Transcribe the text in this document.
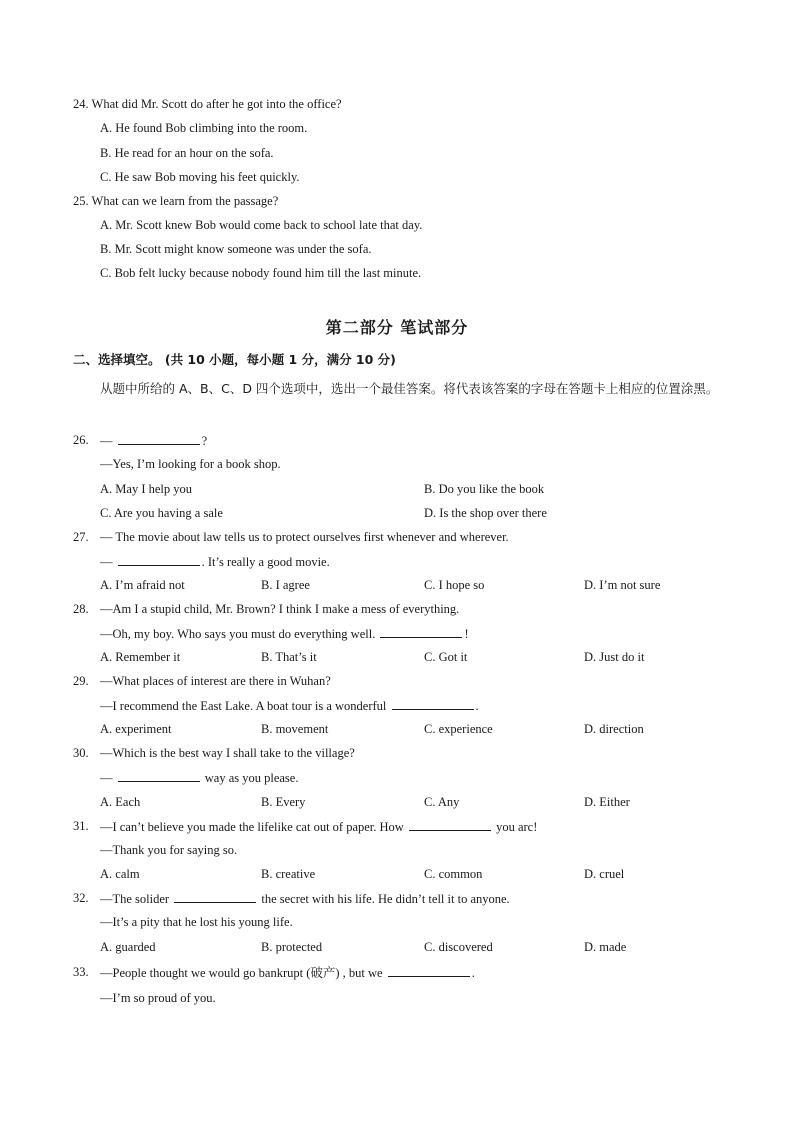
24. What did Mr. Scott do after he got into the office?
A. He found Bob climbing into the room.
B. He read for an hour on the sofa.
C. He saw Bob moving his feet quickly.
25. What can we learn from the passage?
A. Mr. Scott knew Bob would come back to school late that day.
B. Mr. Scott might know someone was under the sofa.
C. Bob felt lucky because nobody found him till the last minute.
第二部分 笔试部分
二、选择填空。 (共 10 小题，每小题 1 分，满分 10 分)
从题中所给的 A、B、C、D 四个选项中，选出一个最佳答案。将代表该答案的字母在答题卡上相应的位置涂黑。
26. —	?
—Yes, I’m looking for a book shop.
A. May I help you	B. Do you like the book
C. Are you having a sale	D. Is the shop over there
27. — The movie about law tells us to protect ourselves first whenever and wherever.
—	. It’s really a good movie.
A. I’m afraid not	B. I agree	C. I hope so	D. I’m not sure
28. —Am I a stupid child, Mr. Brown? I think I make a mess of everything.
—Oh, my boy. Who says you must do everything well.	!
A. Remember it	B. That’s it	C. Got it	D. Just do it
29. —What places of interest are there in Wuhan?
—I recommend the East Lake. A boat tour is a wonderful	.
A. experiment	B. movement	C. experience	D. direction
30. —Which is the best way I shall take to the village?
—	way as you please.
A. Each	B. Every	C. Any	D. Either
31. —I can’t believe you made the lifelike cat out of paper. How	you arc!
—Thank you for saying so.
A. calm	B. creative	C. common	D. cruel
32. —The solider	the secret with his life. He didn’t tell it to anyone.
—It’s a pity that he lost his young life.
A. guarded	B. protected	C. discovered	D. made
33. —People thought we would go bankrupt (破产) , but we	.
—I’m so proud of you.
